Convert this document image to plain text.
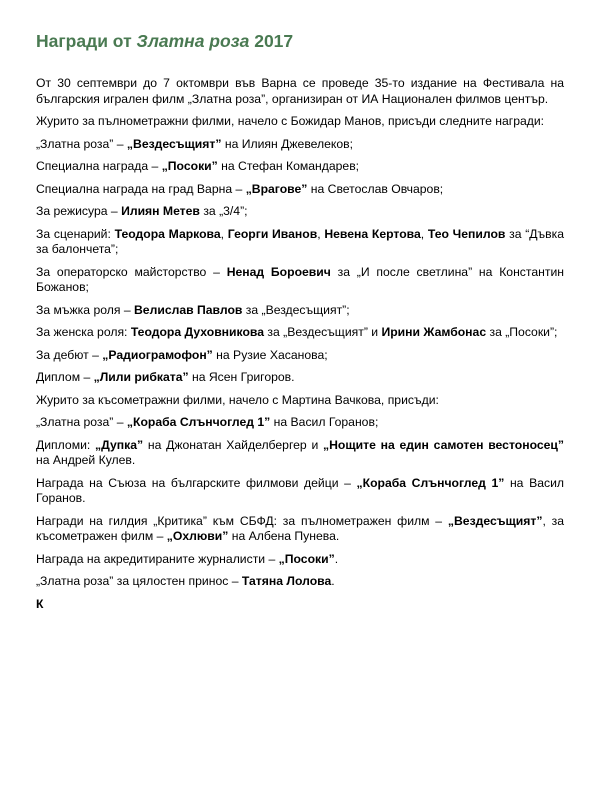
Награди от Златна роза 2017

От 30 септември до 7 октомври във Варна се проведе 35-то издание на Фестивала на българския игрален филм „Златна роза”, организиран от ИА Национален филмов център.

Журито за пълнометражни филми, начело с Божидар Манов, присъди следните награди:

„Златна роза” – „Вездесъщият” на Илиян Джевелеков;

Специална награда – „Посоки” на Стефан Командарев;

Специална награда на град Варна – „Врагове” на Светослав Овчаров;

За режисура – Илиян Метев за „3/4”;

За сценарий: Теодора Маркова, Георги Иванов, Невена Кертова, Тео Чепилов за “Дъвка за балончета”;

За операторско майсторство – Ненад Бороевич за „И после светлина” на Константин Божанов;

За мъжка роля – Велислав Павлов за „Вездесъщият”;

За женска роля: Теодора Духовникова за „Вездесъщият” и Ирини Жамбонас за „Посоки”;

За дебют – „Радиограмофон” на Рузие Хасанова;

Диплом – „Лили рибката” на Ясен Григоров.

Журито за късометражни филми, начело с Мартина Вачкова, присъди:

„Златна роза” – „Кораба Слънчоглед 1” на Васил Горанов;

Дипломи: „Дупка” на Джонатан Хайделбергер и „Нощите на един самотен вестоносец” на Андрей Кулев.

Награда на Съюза на българските филмови дейци – „Кораба Слънчоглед 1” на Васил Горанов.

Награди на гилдия „Критика” към СБФД: за пълнометражен филм – „Вездесъщият”, за късометражен филм – „Охлюви” на Албена Пунева.

Награда на акредитираните журналисти – „Посоки”.

„Златна роза” за цялостен принос – Татяна Лолова.

К
